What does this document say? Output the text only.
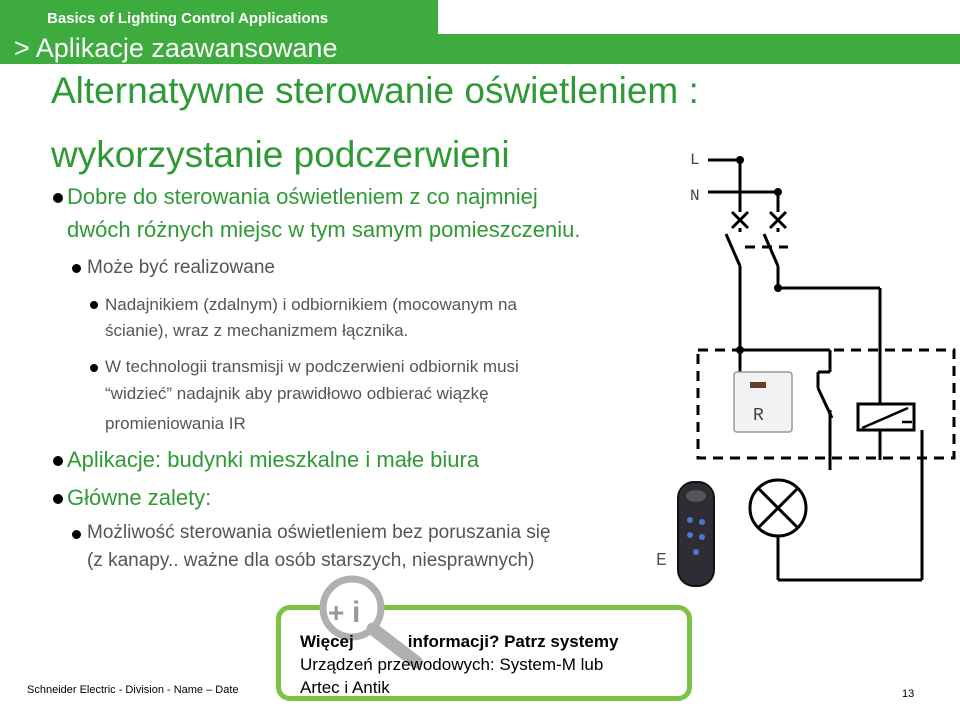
Basics of Lighting Control Applications
> Aplikacje zaawansowane
Alternatywne sterowanie oświetleniem :
wykorzystanie podczerwieni
Dobre do sterowania oświetleniem z co najmniej
dwóch różnych miejsc w tym samym pomieszczeniu.
Może być realizowane
Nadajnikiem (zdalnym) i odbiornikiem (mocowanym na
ścianie), wraz z mechanizmem łącznika.
W technologii transmisji w podczerwieni odbiornik musi
“widzieć” nadajnik aby prawidłowo odbierać wiązkę
promieniowania IR
Aplikacje: budynki mieszkalne i małe biura
Główne zalety:
Możliwość sterowania oświetleniem bez poruszania się
(z kanapy.. ważne dla osób starszych, niesprawnych)
L
N
R
E
+ i
Więcej	informacji? Patrz systemy
Urządzeń przewodowych: System-M lub
Artec i Antik
Schneider Electric - Division - Name – Date	13
